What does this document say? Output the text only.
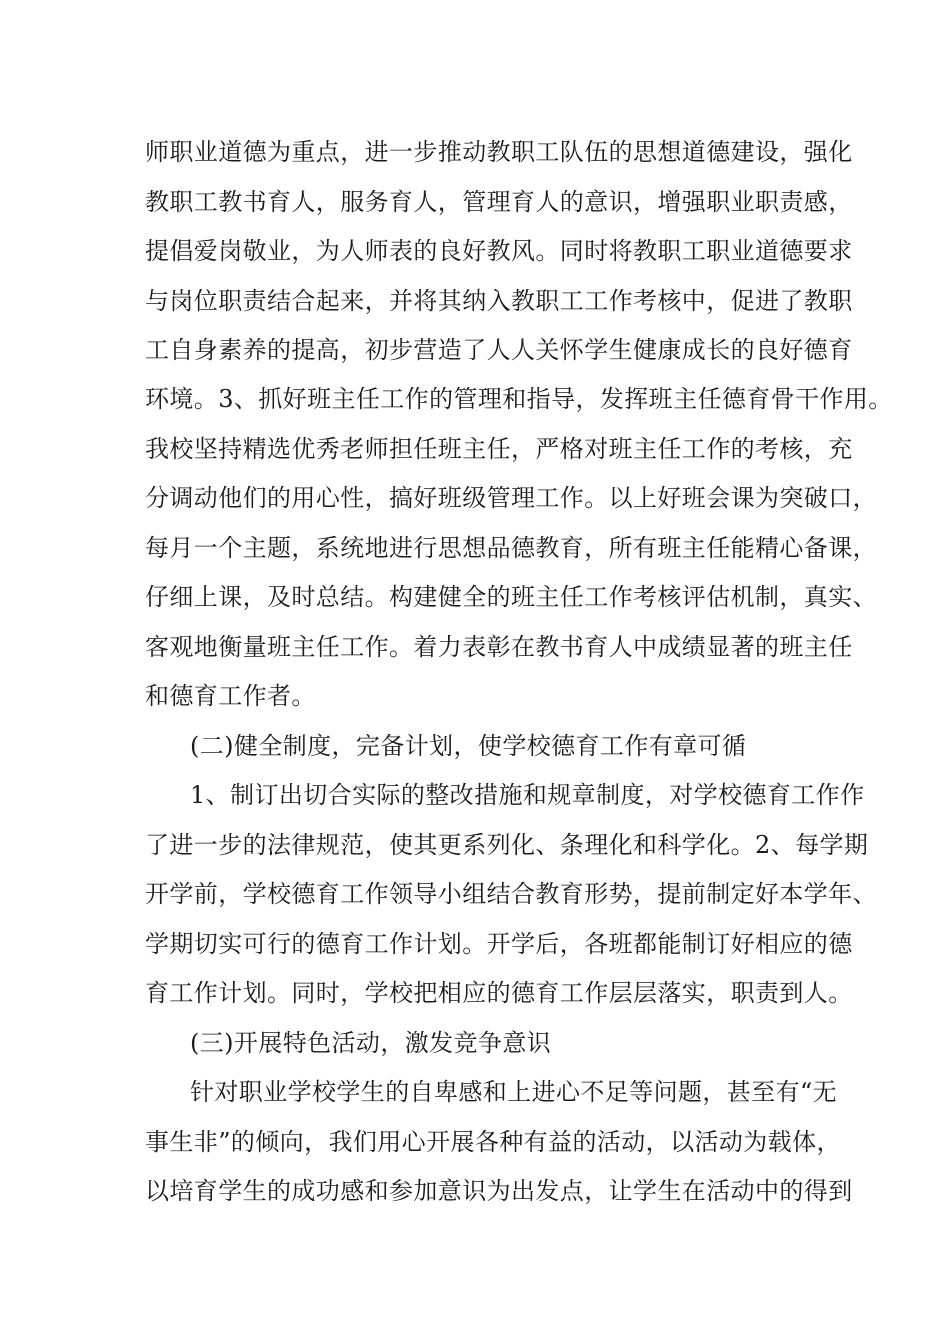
师职业道德为重点，进一步推动教职工队伍的思想道德建设，强化
教职工教书育人，服务育人，管理育人的意识，增强职业职责感，
提倡爱岗敬业，为人师表的良好教风。同时将教职工职业道德要求
与岗位职责结合起来，并将其纳入教职工工作考核中，促进了教职
工自身素养的提高，初步营造了人人关怀学生健康成长的良好德育
环境。3、抓好班主任工作的管理和指导，发挥班主任德育骨干作用。
我校坚持精选优秀老师担任班主任，严格对班主任工作的考核，充
分调动他们的用心性，搞好班级管理工作。以上好班会课为突破口，
每月一个主题，系统地进行思想品德教育，所有班主任能精心备课，
仔细上课，及时总结。构建健全的班主任工作考核评估机制，真实、
客观地衡量班主任工作。着力表彰在教书育人中成绩显著的班主任
和德育工作者。
(二)健全制度，完备计划，使学校德育工作有章可循
1、制订出切合实际的整改措施和规章制度，对学校德育工作作
了进一步的法律规范，使其更系列化、条理化和科学化。2、每学期
开学前，学校德育工作领导小组结合教育形势，提前制定好本学年、
学期切实可行的德育工作计划。开学后，各班都能制订好相应的德
育工作计划。同时，学校把相应的德育工作层层落实，职责到人。
(三)开展特色活动，激发竞争意识
针对职业学校学生的自卑感和上进心不足等问题，甚至有“无
事生非”的倾向，我们用心开展各种有益的活动，以活动为载体，
以培育学生的成功感和参加意识为出发点，让学生在活动中的得到
